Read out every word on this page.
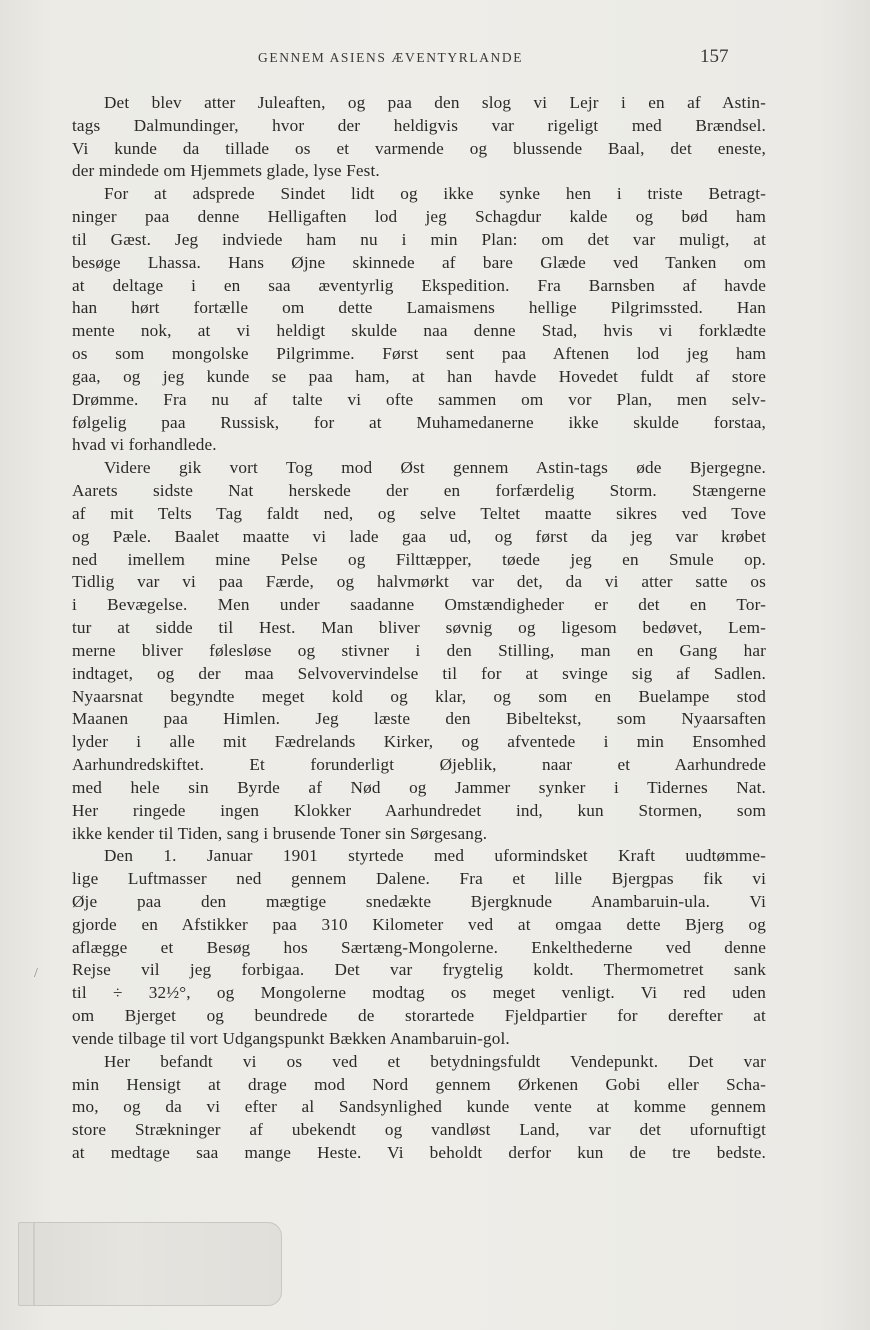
GENNEM ASIENS ÆVENTYRLANDE	157
Det blev atter Juleaften, og paa den slog vi Lejr i en af Astin-
tags Dalmundinger, hvor der heldigvis var rigeligt med Brændsel.
Vi kunde da tillade os et varmende og blussende Baal, det eneste,
der mindede om Hjemmets glade, lyse Fest.
For at adsprede Sindet lidt og ikke synke hen i triste Betragt-
ninger paa denne Helligaften lod jeg Schagdur kalde og bød ham
til Gæst. Jeg indviede ham nu i min Plan: om det var muligt, at
besøge Lhassa. Hans Øjne skinnede af bare Glæde ved Tanken om
at deltage i en saa æventyrlig Ekspedition. Fra Barnsben af havde
han hørt fortælle om dette Lamaismens hellige Pilgrimssted. Han
mente nok, at vi heldigt skulde naa denne Stad, hvis vi forklædte
os som mongolske Pilgrimme. Først sent paa Aftenen lod jeg ham
gaa, og jeg kunde se paa ham, at han havde Hovedet fuldt af store
Drømme. Fra nu af talte vi ofte sammen om vor Plan, men selv-
følgelig paa Russisk, for at Muhamedanerne ikke skulde forstaa,
hvad vi forhandlede.
Videre gik vort Tog mod Øst gennem Astin-tags øde Bjergegne.
Aarets sidste Nat herskede der en forfærdelig Storm. Stængerne
af mit Telts Tag faldt ned, og selve Teltet maatte sikres ved Tove
og Pæle. Baalet maatte vi lade gaa ud, og først da jeg var krøbet
ned imellem mine Pelse og Filttæpper, tøede jeg en Smule op.
Tidlig var vi paa Færde, og halvmørkt var det, da vi atter satte os
i Bevægelse. Men under saadanne Omstændigheder er det en Tor-
tur at sidde til Hest. Man bliver søvnig og ligesom bedøvet, Lem-
merne bliver følesløse og stivner i den Stilling, man en Gang har
indtaget, og der maa Selvovervindelse til for at svinge sig af Sadlen.
Nyaarsnat begyndte meget kold og klar, og som en Buelampe stod
Maanen paa Himlen. Jeg læste den Bibeltekst, som Nyaarsaften
lyder i alle mit Fædrelands Kirker, og afventede i min Ensomhed
Aarhundredskiftet. Et forunderligt Øjeblik, naar et Aarhundrede
med hele sin Byrde af Nød og Jammer synker i Tidernes Nat.
Her ringede ingen Klokker Aarhundredet ind, kun Stormen, som
ikke kender til Tiden, sang i brusende Toner sin Sørgesang.
Den 1. Januar 1901 styrtede med uformindsket Kraft uudtømme-
lige Luftmasser ned gennem Dalene. Fra et lille Bjergpas fik vi
Øje paa den mægtige snedækte Bjergknude Anambaruin-ula. Vi
gjorde en Afstikker paa 310 Kilometer ved at omgaa dette Bjerg og
aflægge et Besøg hos Særtæng-Mongolerne. Enkelthederne ved denne
Rejse vil jeg forbigaa. Det var frygtelig koldt. Thermometret sank
til ÷ 32½°, og Mongolerne modtag os meget venligt. Vi red uden
om Bjerget og beundrede de storartede Fjeldpartier for derefter at
vende tilbage til vort Udgangspunkt Bækken Anambaruin-gol.
Her befandt vi os ved et betydningsfuldt Vendepunkt. Det var
min Hensigt at drage mod Nord gennem Ørkenen Gobi eller Scha-
mo, og da vi efter al Sandsynlighed kunde vente at komme gennem
store Strækninger af ubekendt og vandløst Land, var det ufornuftigt
at medtage saa mange Heste. Vi beholdt derfor kun de tre bedste.
/
